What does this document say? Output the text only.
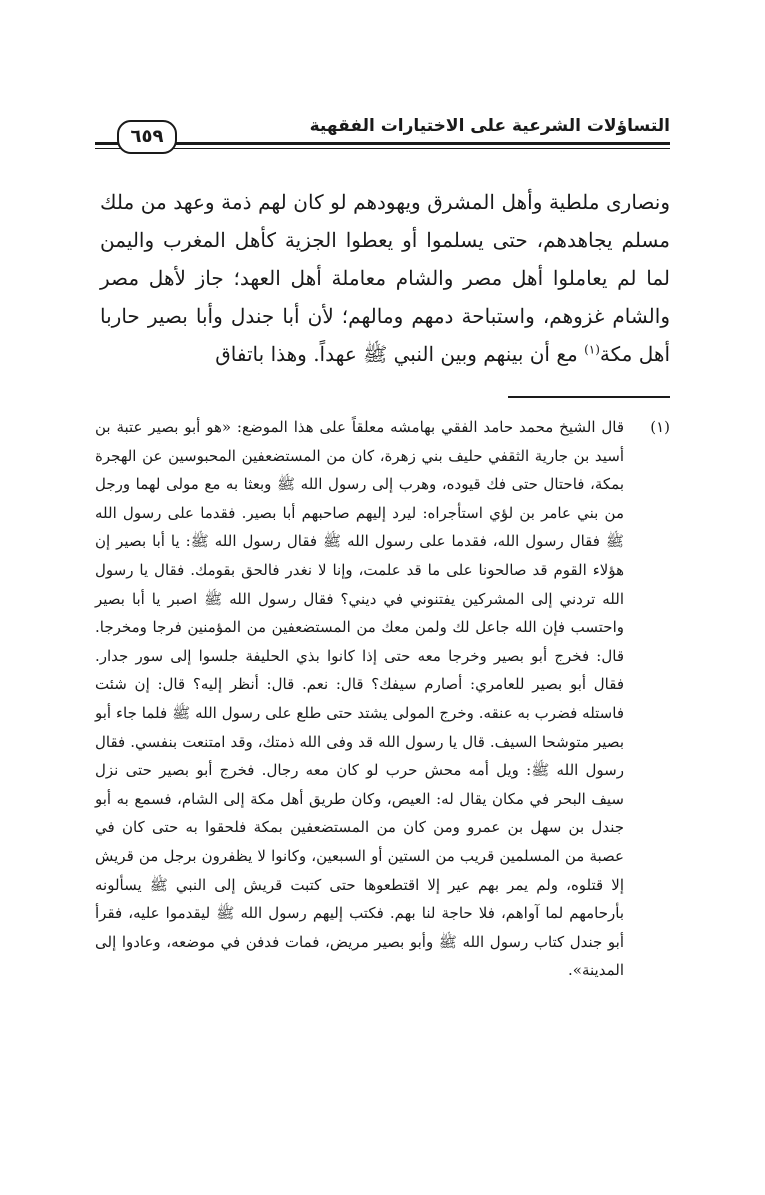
٦٥٩	التساؤلات الشرعية على الاختيارات الفقهية
ونصارى ملطية وأهل المشرق ويهودهم لو كان لهم ذمة وعهد من ملك مسلم يجاهدهم، حتى يسلموا أو يعطوا الجزية كأهل المغرب واليمن لما لم يعاملوا أهل مصر والشام معاملة أهل العهد؛ جاز لأهل مصر والشام غزوهم، واستباحة دمهم ومالهم؛ لأن أبا جندل وأبا بصير حاربا أهل مكة$^{(١)}$ مع أن بينهم وبين النبي ﷺ عهداً. وهذا باتفاق
(١)
قال الشيخ محمد حامد الفقي بهامشه معلقاً على هذا الموضع: «هو أبو بصير عتبة بن أسيد بن جارية الثقفي حليف بني زهرة، كان من المستضعفين المحبوسين عن الهجرة بمكة، فاحتال حتى فك قيوده، وهرب إلى رسول الله ﷺ وبعثا به مع مولى لهما ورجل من بني عامر بن لؤي استأجراه: ليرد إليهم صاحبهم أبا بصير. فقدما على رسول الله ﷺ فقال رسول الله، فقدما على رسول الله ﷺ فقال رسول الله ﷺ: يا أبا بصير إن هؤلاء القوم قد صالحونا على ما قد علمت، وإنا لا نغدر فالحق بقومك. فقال يا رسول الله تردني إلى المشركين يفتنوني في ديني؟ فقال رسول الله ﷺ اصبر يا أبا بصير واحتسب فإن الله جاعل لك ولمن معك من المستضعفين من المؤمنين فرجا ومخرجا. قال: فخرج أبو بصير وخرجا معه حتى إذا كانوا بذي الحليفة جلسوا إلى سور جدار. فقال أبو بصير للعامري: أصارم سيفك؟ قال: نعم. قال: أنظر إليه؟ قال: إن شئت فاستله فضرب به عنقه. وخرج المولى يشتد حتى طلع على رسول الله ﷺ فلما جاء أبو بصير متوشحا السيف. قال يا رسول الله قد وفى الله ذمتك، وقد امتنعت بنفسي. فقال رسول الله ﷺ: ويل أمه محش حرب لو كان معه رجال. فخرج أبو بصير حتى نزل سيف البحر في مكان يقال له: العيص، وكان طريق أهل مكة إلى الشام، فسمع به أبو جندل بن سهل بن عمرو ومن كان من المستضعفين بمكة فلحقوا به حتى كان في عصبة من المسلمين قريب من الستين أو السبعين، وكانوا لا يظفرون برجل من قريش إلا قتلوه، ولم يمر بهم عير إلا اقتطعوها حتى كتبت قريش إلى النبي ﷺ يسألونه بأرحامهم لما آواهم، فلا حاجة لنا بهم. فكتب إليهم رسول الله ﷺ ليقدموا عليه، فقرأ أبو جندل كتاب رسول الله ﷺ وأبو بصير مريض، فمات فدفن في موضعه، وعادوا إلى المدينة».
